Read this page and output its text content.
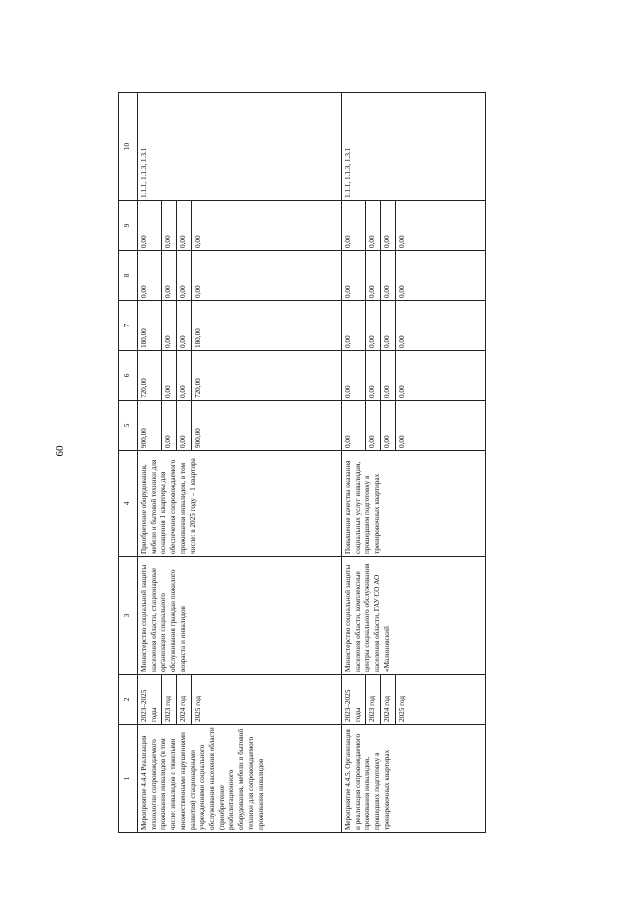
60
1	2	3	4	5	6	7	8	9	10
Мероприятие 4.4.4 Реализация технологии сопровождаемого проживания инвалидов (в том числе: инвалидов с тяжелыми множественными нарушениями развития) стационарными учреждениями социального обслуживания населения области (приобретение реабилитационного оборудования, мебели и бытовой техники для сопровождаемого проживания инвалидов	2023–2025 годы	Министерство социальной защиты населения области, стационарные организации социального обслуживания граждан пожилого возраста и инвалидов	Приобретение оборудования, мебели и бытовой техники для оснащения 1 квартиры для обеспечения сопровождаемого проживания инвалидов, в том числе: в 2025 году – 1 квартира	900,00	720,00	180,00	0,00	0,00	1.1.1, 1.1.3, 1.3.1
	2023 год			0,00	0,00	0,00	0,00	0,00	
	2024 год			0,00	0,00	0,00	0,00	0,00	
	2025 год			900,00	720,00	180,00	0,00	0,00	
Мероприятие 4.4.5. Организация и реализация сопровождаемого проживания инвалидов, прошедших подготовку в тренировочных квартирах	2023–2025 годы	Министерство социальной защиты населения области, комплексные центры социального обслуживания населения области, ГАУ СО АО «Малиновский	Повышение качества оказания социальных услуг инвалидам, прошедшим подготовку в тренировочных квартирах	0,00	0,00	0,00	0,00	0,00	1.1.1, 1.1.3, 1.3.1
	2023 год			0,00	0,00	0,00	0,00	0,00	
	2024 год			0,00	0,00	0,00	0,00	0,00	
	2025 год			0,00	0,00	0,00	0,00	0,00	
